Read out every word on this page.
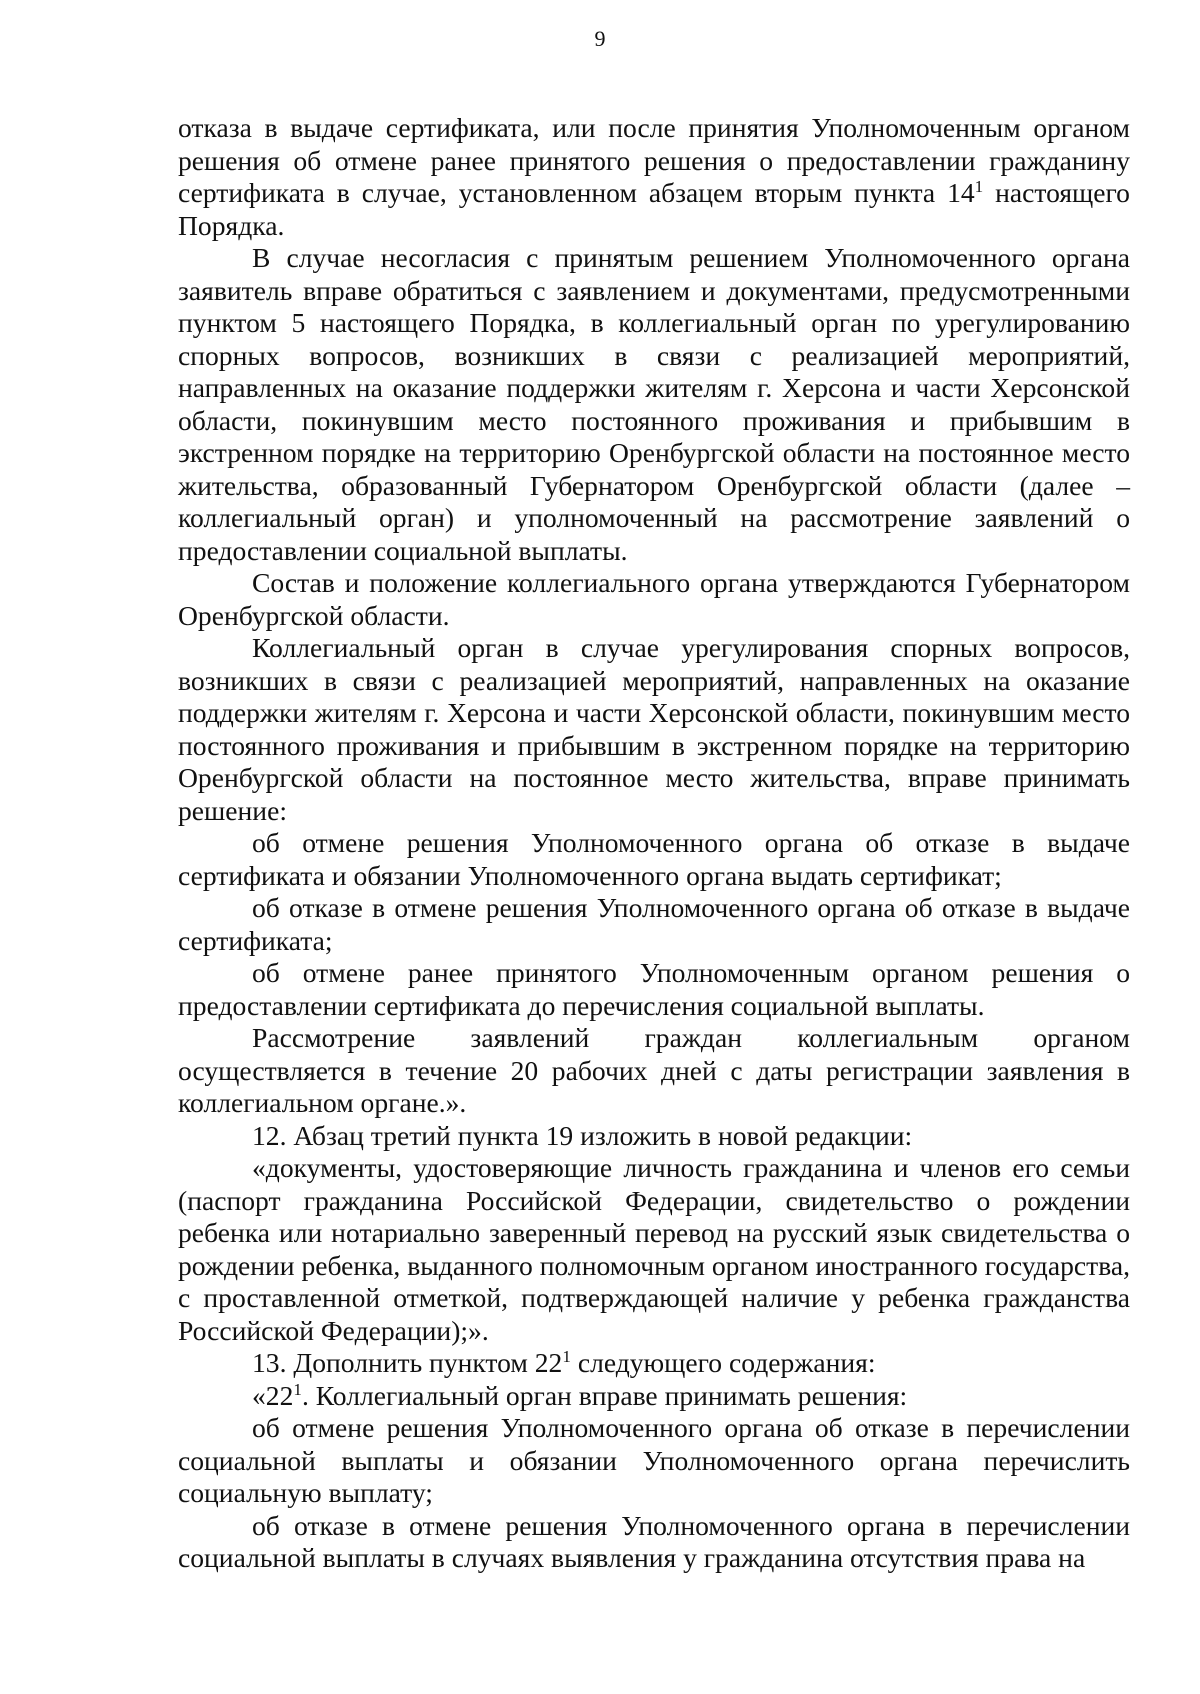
9

отказа в выдаче сертификата, или после принятия Уполномоченным органом решения об отмене ранее принятого решения о предоставлении гражданину сертификата в случае, установленном абзацем вторым пункта $14^1$ настоящего Порядка.

В случае несогласия с принятым решением Уполномоченного органа заявитель вправе обратиться с заявлением и документами, предусмотренными пунктом 5 настоящего Порядка, в коллегиальный орган по урегулированию спорных вопросов, возникших в связи с реализацией мероприятий, направленных на оказание поддержки жителям г. Херсона и части Херсонской области, покинувшим место постоянного проживания и прибывшим в экстренном порядке на территорию Оренбургской области на постоянное место жительства, образованный Губернатором Оренбургской области (далее – коллегиальный орган) и уполномоченный на рассмотрение заявлений о предоставлении социальной выплаты.

Состав и положение коллегиального органа утверждаются Губернатором Оренбургской области.

Коллегиальный орган в случае урегулирования спорных вопросов, возникших в связи с реализацией мероприятий, направленных на оказание поддержки жителям г. Херсона и части Херсонской области, покинувшим место постоянного проживания и прибывшим в экстренном порядке на территорию Оренбургской области на постоянное место жительства, вправе принимать решение:

об отмене решения Уполномоченного органа об отказе в выдаче сертификата и обязании Уполномоченного органа выдать сертификат;

об отказе в отмене решения Уполномоченного органа об отказе в выдаче сертификата;

об отмене ранее принятого Уполномоченным органом решения о предоставлении сертификата до перечисления социальной выплаты.

Рассмотрение заявлений граждан коллегиальным органом осуществляется в течение 20 рабочих дней с даты регистрации заявления в коллегиальном органе.».

12. Абзац третий пункта 19 изложить в новой редакции:

«документы, удостоверяющие личность гражданина и членов его семьи (паспорт гражданина Российской Федерации, свидетельство о рождении ребенка или нотариально заверенный перевод на русский язык свидетельства о рождении ребенка, выданного полномочным органом иностранного государства, с проставленной отметкой, подтверждающей наличие у ребенка гражданства Российской Федерации);».

13. Дополнить пунктом $22^1$ следующего содержания:

«$22^1$. Коллегиальный орган вправе принимать решения:

об отмене решения Уполномоченного органа об отказе в перечислении социальной выплаты и обязании Уполномоченного органа перечислить социальную выплату;

об отказе в отмене решения Уполномоченного органа в перечислении социальной выплаты в случаях выявления у гражданина отсутствия права на
